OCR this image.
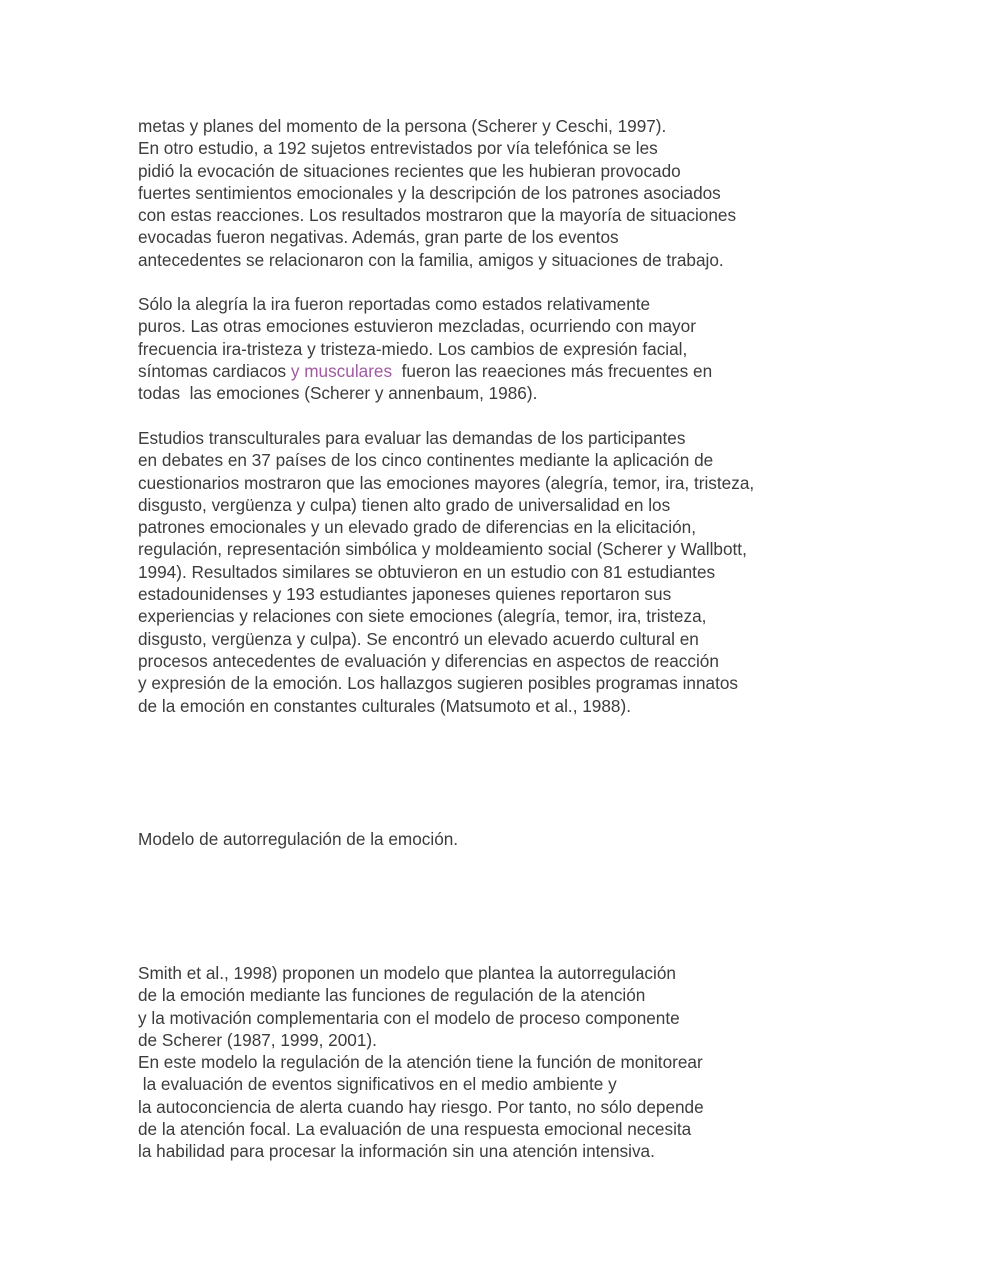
metas y planes del momento de la persona (Scherer y Ceschi, 1997).
En otro estudio, a 192 sujetos entrevistados por vía telefónica se les
pidió la evocación de situaciones recientes que les hubieran provocado
fuertes sentimientos emocionales y la descripción de los patrones asociados
con estas reacciones. Los resultados mostraron que la mayoría de situaciones
evocadas fueron negativas. Además, gran parte de los eventos
antecedentes se relacionaron con la familia, amigos y situaciones de trabajo.
Sólo la alegría la ira fueron reportadas como estados relativamente
puros. Las otras emociones estuvieron mezcladas, ocurriendo con mayor
frecuencia ira-tristeza y tristeza-miedo. Los cambios de expresión facial,
síntomas cardiacos y musculares  fueron las reaeciones más frecuentes en
todas  las emociones (Scherer y annenbaum, 1986).
Estudios transculturales para evaluar las demandas de los participantes
en debates en 37 países de los cinco continentes mediante la aplicación de
cuestionarios mostraron que las emociones mayores (alegría, temor, ira, tristeza,
disgusto, vergüenza y culpa) tienen alto grado de universalidad en los
patrones emocionales y un elevado grado de diferencias en la elicitación,
regulación, representación simbólica y moldeamiento social (Scherer y Wallbott,
1994). Resultados similares se obtuvieron en un estudio con 81 estudiantes
estadounidenses y 193 estudiantes japoneses quienes reportaron sus
experiencias y relaciones con siete emociones (alegría, temor, ira, tristeza,
disgusto, vergüenza y culpa). Se encontró un elevado acuerdo cultural en
procesos antecedentes de evaluación y diferencias en aspectos de reacción
y expresión de la emoción. Los hallazgos sugieren posibles programas innatos
de la emoción en constantes culturales (Matsumoto et al., 1988).
Modelo de autorregulación de la emoción.
Smith et al., 1998) proponen un modelo que plantea la autorregulación
de la emoción mediante las funciones de regulación de la atención
y la motivación complementaria con el modelo de proceso componente
de Scherer (1987, 1999, 2001).
En este modelo la regulación de la atención tiene la función de monitorear
la evaluación de eventos significativos en el medio ambiente y
la autoconciencia de alerta cuando hay riesgo. Por tanto, no sólo depende
de la atención focal. La evaluación de una respuesta emocional necesita
la habilidad para procesar la información sin una atención intensiva.
